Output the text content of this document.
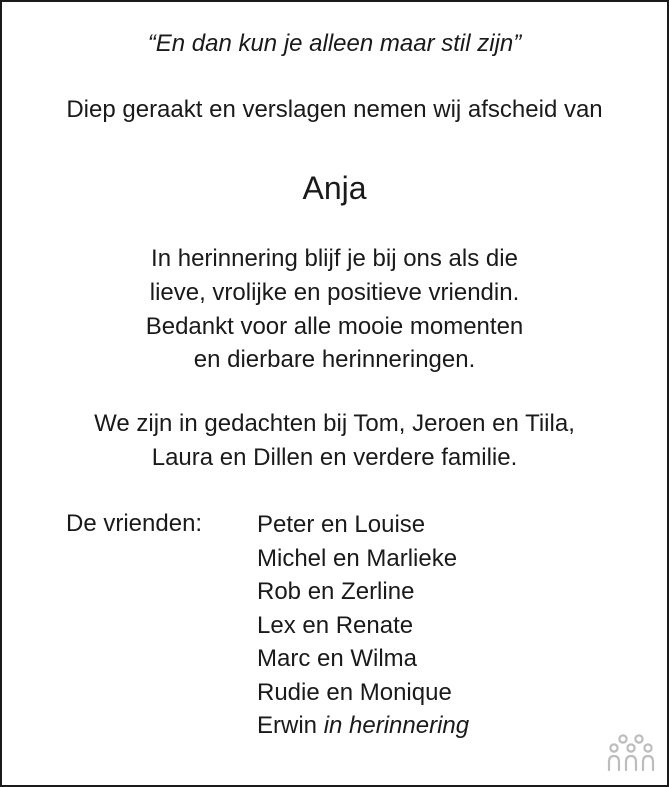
“En dan kun je alleen maar stil zijn”
Diep geraakt en verslagen nemen wij afscheid van
Anja
In herinnering blijf je bij ons als die
lieve, vrolijke en positieve vriendin.
Bedankt voor alle mooie momenten
en dierbare herinneringen.
We zijn in gedachten bij Tom, Jeroen en Tiila,
Laura en Dillen en verdere familie.
De vrienden: Peter en Louise
Michel en Marlieke
Rob en Zerline
Lex en Renate
Marc en Wilma
Rudie en Monique
Erwin in herinnering
